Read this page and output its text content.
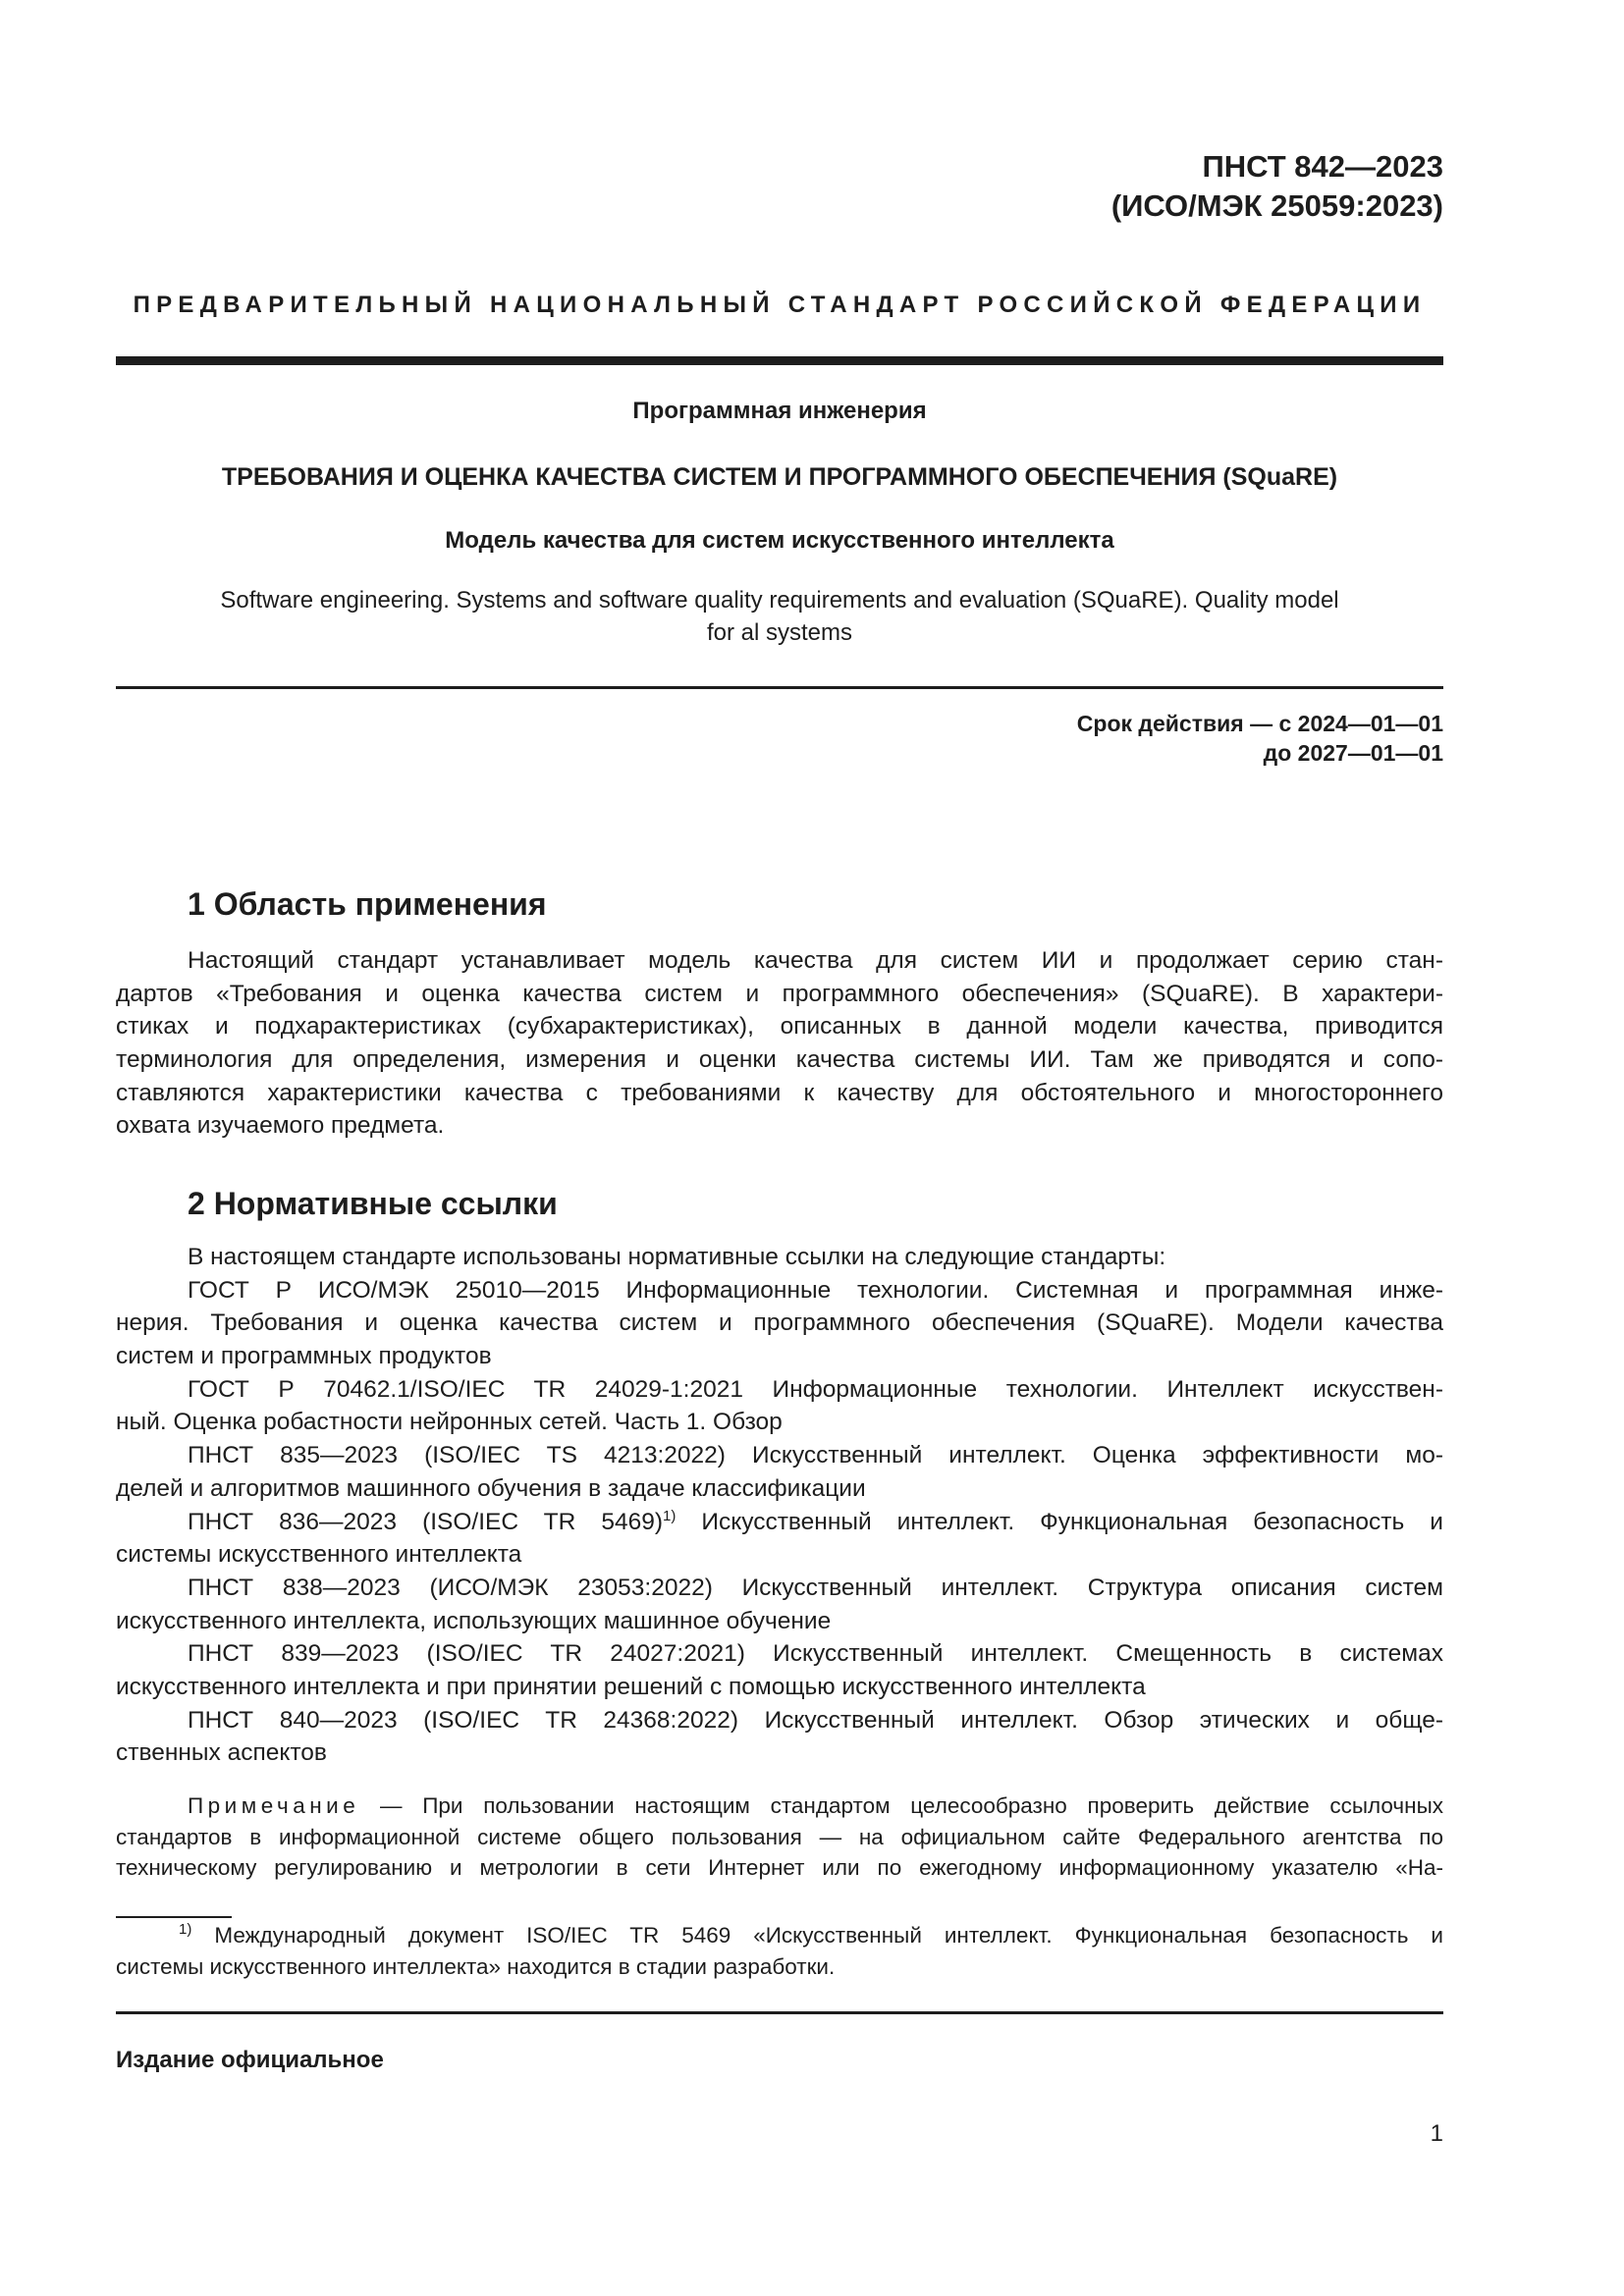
ПНСТ 842—2023
(ИСО/МЭК 25059:2023)
ПРЕДВАРИТЕЛЬНЫЙ НАЦИОНАЛЬНЫЙ СТАНДАРТ РОССИЙСКОЙ ФЕДЕРАЦИИ
Программная инженерия
ТРЕБОВАНИЯ И ОЦЕНКА КАЧЕСТВА СИСТЕМ И ПРОГРАММНОГО ОБЕСПЕЧЕНИЯ (SQuaRE)
Модель качества для систем искусственного интеллекта
Software engineering. Systems and software quality requirements and evaluation (SQuaRE). Quality model
for al systems
Срок действия — с 2024—01—01
до 2027—01—01
1 Область применения
Настоящий стандарт устанавливает модель качества для систем ИИ и продолжает серию стан-
дартов «Требования и оценка качества систем и программного обеспечения» (SQuaRE). В характери-
стиках и подхарактеристиках (субхарактеристиках), описанных в данной модели качества, приводится
терминология для определения, измерения и оценки качества системы ИИ. Там же приводятся и сопо-
ставляются характеристики качества с требованиями к качеству для обстоятельного и многостороннего
охвата изучаемого предмета.
2 Нормативные ссылки
В настоящем стандарте использованы нормативные ссылки на следующие стандарты:
ГОСТ Р ИСО/МЭК 25010—2015 Информационные технологии. Системная и программная инже-
нерия. Требования и оценка качества систем и программного обеспечения (SQuaRE). Модели качества
систем и программных продуктов
ГОСТ Р 70462.1/ISO/IEC TR 24029-1:2021 Информационные технологии. Интеллект искусствен-
ный. Оценка робастности нейронных сетей. Часть 1. Обзор
ПНСТ 835—2023 (ISO/IEC TS 4213:2022) Искусственный интеллект. Оценка эффективности мо-
делей и алгоритмов машинного обучения в задаче классификации
ПНСТ 836—2023 (ISO/IEC TR 5469)$^{1)}$ Искусственный интеллект. Функциональная безопасность и
системы искусственного интеллекта
ПНСТ 838—2023 (ИСО/МЭК 23053:2022) Искусственный интеллект. Структура описания систем
искусственного интеллекта, использующих машинное обучение
ПНСТ 839—2023 (ISO/IEC TR 24027:2021) Искусственный интеллект. Смещенность в системах
искусственного интеллекта и при принятии решений с помощью искусственного интеллекта
ПНСТ 840—2023 (ISO/IEC TR 24368:2022) Искусственный интеллект. Обзор этических и обще-
ственных аспектов
Примечание — При пользовании настоящим стандартом целесообразно проверить действие ссылочных
стандартов в информационной системе общего пользования — на официальном сайте Федерального агентства по
техническому регулированию и метрологии в сети Интернет или по ежегодному информационному указателю «На-
$^{1)}$ Международный документ ISO/IEC TR 5469 «Искусственный интеллект. Функциональная безопасность и
системы искусственного интеллекта» находится в стадии разработки.
Издание официальное
1
